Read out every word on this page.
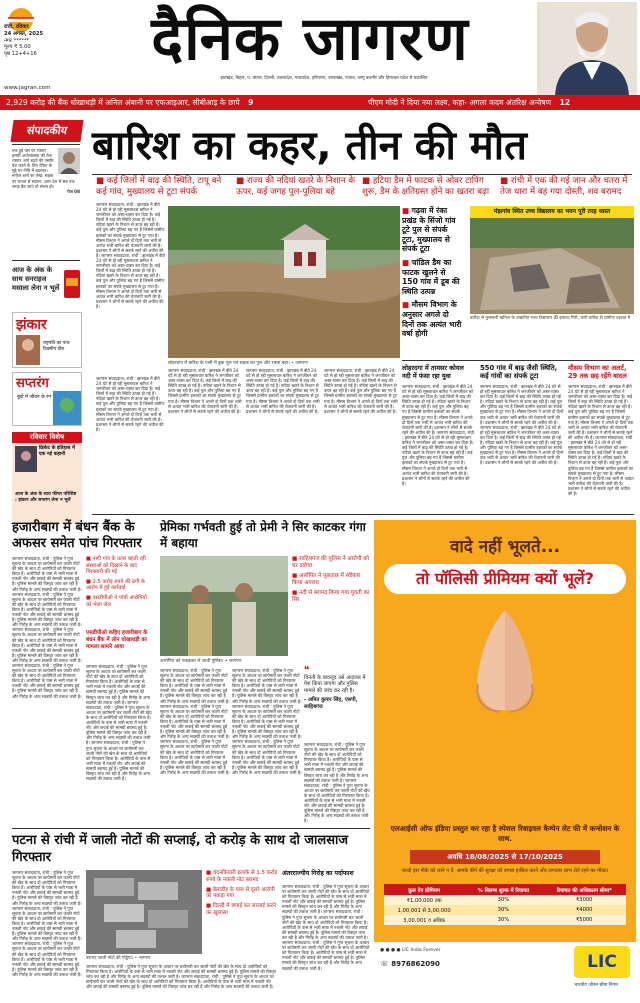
रांची, रविवार
24 अगस्त, 2025
नगर ******
मूल्य ₹ 5.00
पृष्ठ 12+4+16	दैनिक जागरण
झारखंड, बिहार, प. बंगाल, दिल्ली, उत्तरप्रदेश, मध्यप्रदेश, हरियाणा, उत्तराखंड, पंजाब, जम्मू कश्मीर और हिमाचल प्रदेश से प्रकाशित
www.jagran.com
2,929 करोड़ की बैंक धोखाधड़ी में अनिल अंबानी पर एफआइआर, सीबीआइ के छापे 9	पीएम मोदी ने दिया नया लक्ष्य, कहा- अगला कदम अंतरिक्ष अन्वेषण 12
संपादकीय
एक हुई यस एट रफ्तार : हमारी अर्थव्यवस्था की तेज रफ्तार आगे बढ़ने की तस्वीर पेश करने के लिए टेरिफ के मुद्दे पर नीति में बदलाव। मनोज शर्मा का लेख: सड़क पर जनता से सवाल: अगर देश में सब एक जगह बैठ जाएं तो संभव हो।
पेज 08
आज के अंक के साथ सनराइज मसाला लेना न भूलें
झंकार
राष्ट्रपति का पांच दिवसीय दौरा
सप्तरंग
बूंदों में जीवन के रंग
रविवार विशेष
क्रिकेट के इतिहास में एक नई कहानी
आज के अंक के साथ फीचर परिशिष्ट : झंकार और सप्तरंग लेना न भूलें
बारिश का कहर, तीन की मौत
■ कई जिलों में बाढ़ की स्थिति, टापू बने कई गांव, मुख्यालय से टूटा संपर्क
■ राज्य की नदियां खतरे के निशान के ऊपर, कई जगह पुल-पुलिया बहे
■ हटिया डैम में फाटक से ओवर टापिंग शुरू, डैम के क्षतिग्रस्त होने का खतरा बढ़ा
■ रांची में एक की गई जान और चतरा में तेज धारा में बह गया दोस्ती, शव बरामद
जागरण संवाददाता, रांची : झारखंड में बीते 24 घंटे से हो रही मूसलाधार बारिश ने जनजीवन को अस्त-व्यस्त कर दिया है। कई जिलों में बाढ़ की स्थिति उत्पन्न हो गई है। नदियां खतरे के निशान से ऊपर बह रही हैं। कई पुल और पुलिया बह गए हैं जिससे ग्रामीण इलाकों का संपर्क मुख्यालय से टूट गया है। मौसम विभाग ने अगले दो दिनों तक भारी से अत्यंत भारी बारिश की चेतावनी जारी की है। प्रशासन ने लोगों से सतर्क रहने की अपील की है। जागरण संवाददाता, रांची : झारखंड में बीते 24 घंटे से हो रही मूसलाधार बारिश ने जनजीवन को अस्त-व्यस्त कर दिया है। कई जिलों में बाढ़ की स्थिति उत्पन्न हो गई है। नदियां खतरे के निशान से ऊपर बह रही हैं। कई पुल और पुलिया बह गए हैं जिससे ग्रामीण इलाकों का संपर्क मुख्यालय से टूट गया है। मौसम विभाग ने अगले दो दिनों तक भारी से अत्यंत भारी बारिश की चेतावनी जारी की है। प्रशासन ने लोगों से सतर्क रहने की अपील की है।
लोहरदगा में बारिश के पानी में डूबा पुल एवं सड़क का पुल और रास्ता बहा। • जागरण
जागरण संवाददाता, रांची : झारखंड में बीते 24 घंटे से हो रही मूसलाधार बारिश ने जनजीवन को अस्त-व्यस्त कर दिया है। कई जिलों में बाढ़ की स्थिति उत्पन्न हो गई है। नदियां खतरे के निशान से ऊपर बह रही हैं। कई पुल और पुलिया बह गए हैं जिससे ग्रामीण इलाकों का संपर्क मुख्यालय से टूट गया है। मौसम विभाग ने अगले दो दिनों तक भारी से अत्यंत भारी बारिश की चेतावनी जारी की है। प्रशासन ने लोगों से सतर्क रहने की अपील की है।
जागरण संवाददाता, रांची : झारखंड में बीते 24 घंटे से हो रही मूसलाधार बारिश ने जनजीवन को अस्त-व्यस्त कर दिया है। कई जिलों में बाढ़ की स्थिति उत्पन्न हो गई है। नदियां खतरे के निशान से ऊपर बह रही हैं। कई पुल और पुलिया बह गए हैं जिससे ग्रामीण इलाकों का संपर्क मुख्यालय से टूट गया है। मौसम विभाग ने अगले दो दिनों तक भारी से अत्यंत भारी बारिश की चेतावनी जारी की है। प्रशासन ने लोगों से सतर्क रहने की अपील की है।
जागरण संवाददाता, रांची : झारखंड में बीते 24 घंटे से हो रही मूसलाधार बारिश ने जनजीवन को अस्त-व्यस्त कर दिया है। कई जिलों में बाढ़ की स्थिति उत्पन्न हो गई है। नदियां खतरे के निशान से ऊपर बह रही हैं। कई पुल और पुलिया बह गए हैं जिससे ग्रामीण इलाकों का संपर्क मुख्यालय से टूट गया है। मौसम विभाग ने अगले दो दिनों तक भारी से अत्यंत भारी बारिश की चेतावनी जारी की है। प्रशासन ने लोगों से सतर्क रहने की अपील की है।
जागरण संवाददाता, रांची : झारखंड में बीते 24 घंटे से हो रही मूसलाधार बारिश ने जनजीवन को अस्त-व्यस्त कर दिया है। कई जिलों में बाढ़ की स्थिति उत्पन्न हो गई है। नदियां खतरे के निशान से ऊपर बह रही हैं। कई पुल और पुलिया बह गए हैं जिससे ग्रामीण इलाकों का संपर्क मुख्यालय से टूट गया है। मौसम विभाग ने अगले दो दिनों तक भारी से अत्यंत भारी बारिश की चेतावनी जारी की है। प्रशासन ने लोगों से सतर्क रहने की अपील की है।
■ गढ़वा में रंका प्रखंड के सिंजो गांव टूटे पुल से संपर्क टूटा, मुख्यालय से संपर्क टूटा
■ चांडिल डैम का फाटक खुलने से 150 गांव में डूब की स्थिति उत्पन्न
■ मौसम विभाग के अनुसार अगले दो दिनों तक अत्यंत भारी वर्षा होगी
मंझगांव स्थित उच्च विद्यालय का भवन पूरी तरह ध्वस्त
बारिश से मुसाबनी खनिज के उत्क्रमित मध्य विद्यालय की इमारत गिरी, भारी बारिश से ग्रामीण दहशत में
लोहरदगा में तामसर कोयल नदी में फंसा रहा युवा
जागरण संवाददाता, रांची : झारखंड में बीते 24 घंटे से हो रही मूसलाधार बारिश ने जनजीवन को अस्त-व्यस्त कर दिया है। कई जिलों में बाढ़ की स्थिति उत्पन्न हो गई है। नदियां खतरे के निशान से ऊपर बह रही हैं। कई पुल और पुलिया बह गए हैं जिससे ग्रामीण इलाकों का संपर्क मुख्यालय से टूट गया है। मौसम विभाग ने अगले दो दिनों तक भारी से अत्यंत भारी बारिश की चेतावनी जारी की है। प्रशासन ने लोगों से सतर्क रहने की अपील की है। जागरण संवाददाता, रांची : झारखंड में बीते 24 घंटे से हो रही मूसलाधार बारिश ने जनजीवन को अस्त-व्यस्त कर दिया है। कई जिलों में बाढ़ की स्थिति उत्पन्न हो गई है। नदियां खतरे के निशान से ऊपर बह रही हैं। कई पुल और पुलिया बह गए हैं जिससे ग्रामीण इलाकों का संपर्क मुख्यालय से टूट गया है। मौसम विभाग ने अगले दो दिनों तक भारी से अत्यंत भारी बारिश की चेतावनी जारी की है। प्रशासन ने लोगों से सतर्क रहने की अपील की है।
550 गांव में बाढ़ जैसी स्थिति, कई गांवों का संपर्क टूटा
जागरण संवाददाता, रांची : झारखंड में बीते 24 घंटे से हो रही मूसलाधार बारिश ने जनजीवन को अस्त-व्यस्त कर दिया है। कई जिलों में बाढ़ की स्थिति उत्पन्न हो गई है। नदियां खतरे के निशान से ऊपर बह रही हैं। कई पुल और पुलिया बह गए हैं जिससे ग्रामीण इलाकों का संपर्क मुख्यालय से टूट गया है। मौसम विभाग ने अगले दो दिनों तक भारी से अत्यंत भारी बारिश की चेतावनी जारी की है। प्रशासन ने लोगों से सतर्क रहने की अपील की है। जागरण संवाददाता, रांची : झारखंड में बीते 24 घंटे से हो रही मूसलाधार बारिश ने जनजीवन को अस्त-व्यस्त कर दिया है। कई जिलों में बाढ़ की स्थिति उत्पन्न हो गई है। नदियां खतरे के निशान से ऊपर बह रही हैं। कई पुल और पुलिया बह गए हैं जिससे ग्रामीण इलाकों का संपर्क मुख्यालय से टूट गया है। मौसम विभाग ने अगले दो दिनों तक भारी से अत्यंत भारी बारिश की चेतावनी जारी की है। प्रशासन ने लोगों से सतर्क रहने की अपील की है।
मौसम विभाग का अलर्ट, 29 तक छह रहेंगे बादल
जागरण संवाददाता, रांची : झारखंड में बीते 24 घंटे से हो रही मूसलाधार बारिश ने जनजीवन को अस्त-व्यस्त कर दिया है। कई जिलों में बाढ़ की स्थिति उत्पन्न हो गई है। नदियां खतरे के निशान से ऊपर बह रही हैं। कई पुल और पुलिया बह गए हैं जिससे ग्रामीण इलाकों का संपर्क मुख्यालय से टूट गया है। मौसम विभाग ने अगले दो दिनों तक भारी से अत्यंत भारी बारिश की चेतावनी जारी की है। प्रशासन ने लोगों से सतर्क रहने की अपील की है। जागरण संवाददाता, रांची : झारखंड में बीते 24 घंटे से हो रही मूसलाधार बारिश ने जनजीवन को अस्त-व्यस्त कर दिया है। कई जिलों में बाढ़ की स्थिति उत्पन्न हो गई है। नदियां खतरे के निशान से ऊपर बह रही हैं। कई पुल और पुलिया बह गए हैं जिससे ग्रामीण इलाकों का संपर्क मुख्यालय से टूट गया है। मौसम विभाग ने अगले दो दिनों तक भारी से अत्यंत भारी बारिश की चेतावनी जारी की है। प्रशासन ने लोगों से सतर्क रहने की अपील की है।
हजारीबाग में बंधन बैंक के अफसर समेत पांच गिरफ्तार
जागरण संवाददाता, रांची : पुलिस ने गुप्त सूचना के आधार पर छापेमारी कर जाली नोटों की खेप के साथ दो आरोपियों को गिरफ्तार किया है। आरोपियों के पास से भारी मात्रा में नकली नोट और छपाई की सामग्री बरामद हुई है। पुलिस मामले की विस्तृत जांच कर रही है और गिरोह के अन्य सदस्यों की तलाश जारी है। जागरण संवाददाता, रांची : पुलिस ने गुप्त सूचना के आधार पर छापेमारी कर जाली नोटों की खेप के साथ दो आरोपियों को गिरफ्तार किया है। आरोपियों के पास से भारी मात्रा में नकली नोट और छपाई की सामग्री बरामद हुई है। पुलिस मामले की विस्तृत जांच कर रही है और गिरोह के अन्य सदस्यों की तलाश जारी है। जागरण संवाददाता, रांची : पुलिस ने गुप्त सूचना के आधार पर छापेमारी कर जाली नोटों की खेप के साथ दो आरोपियों को गिरफ्तार किया है। आरोपियों के पास से भारी मात्रा में नकली नोट और छपाई की सामग्री बरामद हुई है। पुलिस मामले की विस्तृत जांच कर रही है और गिरोह के अन्य सदस्यों की तलाश जारी है। जागरण संवाददाता, रांची : पुलिस ने गुप्त सूचना के आधार पर छापेमारी कर जाली नोटों की खेप के साथ दो आरोपियों को गिरफ्तार किया है। आरोपियों के पास से भारी मात्रा में नकली नोट और छपाई की सामग्री बरामद हुई है। पुलिस मामले की विस्तृत जांच कर रही है और गिरोह के अन्य सदस्यों की तलाश जारी है।
■ नागी गांव के ऊपर बहती रही संस्थाओं को दिखाने के बाद गिरफ्तारी की गई
■ 2.5 करोड़ रुपये की ठगी के आरोप में हुई कार्रवाई
■ एसडीपीओ ने पांचों आरोपियों को भेजा जेल
एसडीपीओ कहिए हजारीबाग के बंधन बैंक में लोन धोखाधड़ी का मामला सामने आया
जागरण संवाददाता, रांची : पुलिस ने गुप्त सूचना के आधार पर छापेमारी कर जाली नोटों की खेप के साथ दो आरोपियों को गिरफ्तार किया है। आरोपियों के पास से भारी मात्रा में नकली नोट और छपाई की सामग्री बरामद हुई है। पुलिस मामले की विस्तृत जांच कर रही है और गिरोह के अन्य सदस्यों की तलाश जारी है। जागरण संवाददाता, रांची : पुलिस ने गुप्त सूचना के आधार पर छापेमारी कर जाली नोटों की खेप के साथ दो आरोपियों को गिरफ्तार किया है। आरोपियों के पास से भारी मात्रा में नकली नोट और छपाई की सामग्री बरामद हुई है। पुलिस मामले की विस्तृत जांच कर रही है और गिरोह के अन्य सदस्यों की तलाश जारी है। जागरण संवाददाता, रांची : पुलिस ने गुप्त सूचना के आधार पर छापेमारी कर जाली नोटों की खेप के साथ दो आरोपियों को गिरफ्तार किया है। आरोपियों के पास से भारी मात्रा में नकली नोट और छपाई की सामग्री बरामद हुई है। पुलिस मामले की विस्तृत जांच कर रही है और गिरोह के अन्य सदस्यों की तलाश जारी है।
प्रेमिका गर्भवती हुई तो प्रेमी ने सिर काटकर गंगा में बहाया
आरोपित को पकड़कर ले जाती पुलिस। • जागरण
■ साहिबगंज की पुलिस ने आरोपी को धर दबोचा
■ आरोपित ने पूछताछ में स्वीकार किया अपराध
■ नदी से बरामद किया गया युवती का सिर
जागरण संवाददाता, रांची : पुलिस ने गुप्त सूचना के आधार पर छापेमारी कर जाली नोटों की खेप के साथ दो आरोपियों को गिरफ्तार किया है। आरोपियों के पास से भारी मात्रा में नकली नोट और छपाई की सामग्री बरामद हुई है। पुलिस मामले की विस्तृत जांच कर रही है और गिरोह के अन्य सदस्यों की तलाश जारी है। जागरण संवाददाता, रांची : पुलिस ने गुप्त सूचना के आधार पर छापेमारी कर जाली नोटों की खेप के साथ दो आरोपियों को गिरफ्तार किया है। आरोपियों के पास से भारी मात्रा में नकली नोट और छपाई की सामग्री बरामद हुई है। पुलिस मामले की विस्तृत जांच कर रही है और गिरोह के अन्य सदस्यों की तलाश जारी है। जागरण संवाददाता, रांची : पुलिस ने गुप्त सूचना के आधार पर छापेमारी कर जाली नोटों की खेप के साथ दो आरोपियों को गिरफ्तार किया है। आरोपियों के पास से भारी मात्रा में नकली नोट और छपाई की सामग्री बरामद हुई है। पुलिस मामले की विस्तृत जांच कर रही है और गिरोह के अन्य सदस्यों की तलाश जारी है।
जागरण संवाददाता, रांची : पुलिस ने गुप्त सूचना के आधार पर छापेमारी कर जाली नोटों की खेप के साथ दो आरोपियों को गिरफ्तार किया है। आरोपियों के पास से भारी मात्रा में नकली नोट और छपाई की सामग्री बरामद हुई है। पुलिस मामले की विस्तृत जांच कर रही है और गिरोह के अन्य सदस्यों की तलाश जारी है। जागरण संवाददाता, रांची : पुलिस ने गुप्त सूचना के आधार पर छापेमारी कर जाली नोटों की खेप के साथ दो आरोपियों को गिरफ्तार किया है। आरोपियों के पास से भारी मात्रा में नकली नोट और छपाई की सामग्री बरामद हुई है। पुलिस मामले की विस्तृत जांच कर रही है और गिरोह के अन्य सदस्यों की तलाश जारी है। जागरण संवाददाता, रांची : पुलिस ने गुप्त सूचना के आधार पर छापेमारी कर जाली नोटों की खेप के साथ दो आरोपियों को गिरफ्तार किया है। आरोपियों के पास से भारी मात्रा में नकली नोट और छपाई की सामग्री बरामद हुई है। पुलिस मामले की विस्तृत जांच कर रही है और गिरोह के अन्य सदस्यों की तलाश जारी है।
❝
विनती के बावजूद उसे अदालत में पेश किया जाएगा और पुलिस मामले की जांच कर रही है।
- अमित कुमार सिंह, एसपी, साहिबगंज
जागरण संवाददाता, रांची : पुलिस ने गुप्त सूचना के आधार पर छापेमारी कर जाली नोटों की खेप के साथ दो आरोपियों को गिरफ्तार किया है। आरोपियों के पास से भारी मात्रा में नकली नोट और छपाई की सामग्री बरामद हुई है। पुलिस मामले की विस्तृत जांच कर रही है और गिरोह के अन्य सदस्यों की तलाश जारी है। जागरण संवाददाता, रांची : पुलिस ने गुप्त सूचना के आधार पर छापेमारी कर जाली नोटों की खेप के साथ दो आरोपियों को गिरफ्तार किया है। आरोपियों के पास से भारी मात्रा में नकली नोट और छपाई की सामग्री बरामद हुई है। पुलिस मामले की विस्तृत जांच कर रही है और गिरोह के अन्य सदस्यों की तलाश जारी है।
पटना से रांची में जाली नोटों की सप्लाई, दो करोड़ के साथ दो जालसाज गिरफ्तार
जागरण संवाददाता, रांची : पुलिस ने गुप्त सूचना के आधार पर छापेमारी कर जाली नोटों की खेप के साथ दो आरोपियों को गिरफ्तार किया है। आरोपियों के पास से भारी मात्रा में नकली नोट और छपाई की सामग्री बरामद हुई है। पुलिस मामले की विस्तृत जांच कर रही है और गिरोह के अन्य सदस्यों की तलाश जारी है। जागरण संवाददाता, रांची : पुलिस ने गुप्त सूचना के आधार पर छापेमारी कर जाली नोटों की खेप के साथ दो आरोपियों को गिरफ्तार किया है। आरोपियों के पास से भारी मात्रा में नकली नोट और छपाई की सामग्री बरामद हुई है। पुलिस मामले की विस्तृत जांच कर रही है और गिरोह के अन्य सदस्यों की तलाश जारी है। जागरण संवाददाता, रांची : पुलिस ने गुप्त सूचना के आधार पर छापेमारी कर जाली नोटों की खेप के साथ दो आरोपियों को गिरफ्तार किया है। आरोपियों के पास से भारी मात्रा में नकली नोट और छपाई की सामग्री बरामद हुई है। पुलिस मामले की विस्तृत जांच कर रही है और गिरोह के अन्य सदस्यों की तलाश जारी है।
बरामद जाली नोटों की गड्डियां। • जागरण
■ चंदनकियारी इलाके से 1.5 करोड़ रुपये के नकली नोट बरामद
■ बेलाडीह के पास से दूसरे आरोपी को पकड़ा गया
■ दिल्ली में छपाई कर सप्लाई करने का खुलासा
अंतरराज्यीय गिरोह का पर्दाफाश
जागरण संवाददाता, रांची : पुलिस ने गुप्त सूचना के आधार पर छापेमारी कर जाली नोटों की खेप के साथ दो आरोपियों को गिरफ्तार किया है। आरोपियों के पास से भारी मात्रा में नकली नोट और छपाई की सामग्री बरामद हुई है। पुलिस मामले की विस्तृत जांच कर रही है और गिरोह के अन्य सदस्यों की तलाश जारी है। जागरण संवाददाता, रांची : पुलिस ने गुप्त सूचना के आधार पर छापेमारी कर जाली नोटों की खेप के साथ दो आरोपियों को गिरफ्तार किया है। आरोपियों के पास से भारी मात्रा में नकली नोट और छपाई की सामग्री बरामद हुई है। पुलिस मामले की विस्तृत जांच कर रही है और गिरोह के अन्य सदस्यों की तलाश जारी है। जागरण संवाददाता, रांची : पुलिस ने गुप्त सूचना के आधार पर छापेमारी कर जाली नोटों की खेप के साथ दो आरोपियों को गिरफ्तार किया है। आरोपियों के पास से भारी मात्रा में नकली नोट और छपाई की सामग्री बरामद हुई है। पुलिस मामले की विस्तृत जांच कर रही है और गिरोह के अन्य सदस्यों की तलाश जारी है।
जागरण संवाददाता, रांची : पुलिस ने गुप्त सूचना के आधार पर छापेमारी कर जाली नोटों की खेप के साथ दो आरोपियों को गिरफ्तार किया है। आरोपियों के पास से भारी मात्रा में नकली नोट और छपाई की सामग्री बरामद हुई है। पुलिस मामले की विस्तृत जांच कर रही है और गिरोह के अन्य सदस्यों की तलाश जारी है। जागरण संवाददाता, रांची : पुलिस ने गुप्त सूचना के आधार पर छापेमारी कर जाली नोटों की खेप के साथ दो आरोपियों को गिरफ्तार किया है। आरोपियों के पास से भारी मात्रा में नकली नोट और छपाई की सामग्री बरामद हुई है। पुलिस मामले की विस्तृत जांच कर रही है और गिरोह के अन्य सदस्यों की तलाश जारी है।
वादे नहीं भूलते...
तो पॉलिसी प्रीमियम क्यों भूलें?
एलआईसी ऑफ इंडिया प्रस्तुत कर रहा है स्पेशल रिवाइवल कैम्पेन लेट फी में कन्सेशन के साथ.
अवधि 18/08/2025 से 17/10/2025
जल्दी इस मौके को जाने न दें. आपके बीमे की सुरक्षा को वापस हासिल करने और लगातार लाभ लेते रहने का मौका।
कुल देय प्रीमियम	% विलम्ब शुल्क में रियायत	रियायत की अधिकतम सीमा*
₹1,00,000 तक	30%	₹3000
1,00,001 से 3,00,000	30%	₹4000
3,00,001 व अधिक	30%	₹5000
● ● ● ● LIC India Forever
☏ 8976862090	LIC
भारतीय जीवन बीमा निगम
